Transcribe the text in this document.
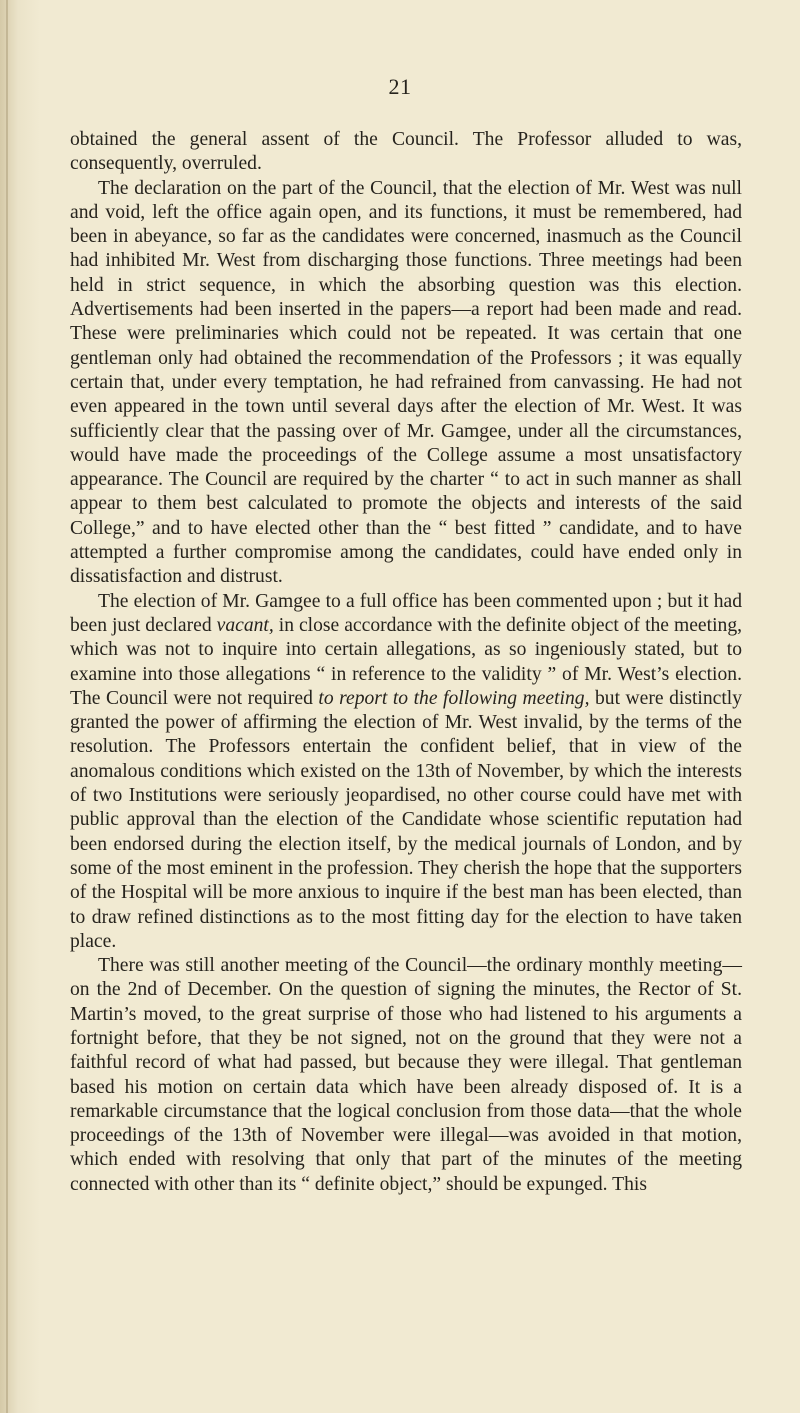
21

obtained the general assent of the Council. The Professor alluded to was, consequently, overruled.

The declaration on the part of the Council, that the election of Mr. West was null and void, left the office again open, and its functions, it must be remembered, had been in abeyance, so far as the candidates were concerned, inasmuch as the Council had inhibited Mr. West from discharging those functions. Three meetings had been held in strict sequence, in which the absorbing question was this election. Advertisements had been inserted in the papers—a report had been made and read. These were preliminaries which could not be repeated. It was certain that one gentleman only had obtained the recommendation of the Professors ; it was equally certain that, under every temptation, he had refrained from canvassing. He had not even appeared in the town until several days after the election of Mr. West. It was sufficiently clear that the passing over of Mr. Gamgee, under all the circumstances, would have made the proceedings of the College assume a most unsatisfactory appearance. The Council are required by the charter “ to act in such manner as shall appear to them best calculated to promote the objects and interests of the said College,” and to have elected other than the “ best fitted ” candidate, and to have attempted a further compromise among the candidates, could have ended only in dissatisfaction and distrust.

The election of Mr. Gamgee to a full office has been commented upon ; but it had been just declared vacant, in close accordance with the definite object of the meeting, which was not to inquire into certain allegations, as so ingeniously stated, but to examine into those allegations “ in reference to the validity ” of Mr. West’s election. The Council were not required to report to the following meeting, but were distinctly granted the power of affirming the election of Mr. West invalid, by the terms of the resolution. The Professors entertain the confident belief, that in view of the anomalous conditions which existed on the 13th of November, by which the interests of two Institutions were seriously jeopardised, no other course could have met with public approval than the election of the Candidate whose scientific reputation had been endorsed during the election itself, by the medical journals of London, and by some of the most eminent in the profession. They cherish the hope that the supporters of the Hospital will be more anxious to inquire if the best man has been elected, than to draw refined distinctions as to the most fitting day for the election to have taken place.

There was still another meeting of the Council—the ordinary monthly meeting—on the 2nd of December. On the question of signing the minutes, the Rector of St. Martin’s moved, to the great surprise of those who had listened to his arguments a fortnight before, that they be not signed, not on the ground that they were not a faithful record of what had passed, but because they were illegal. That gentleman based his motion on certain data which have been already disposed of. It is a remarkable circumstance that the logical conclusion from those data—that the whole proceedings of the 13th of November were illegal—was avoided in that motion, which ended with resolving that only that part of the minutes of the meeting connected with other than its “ definite object,” should be expunged. This
